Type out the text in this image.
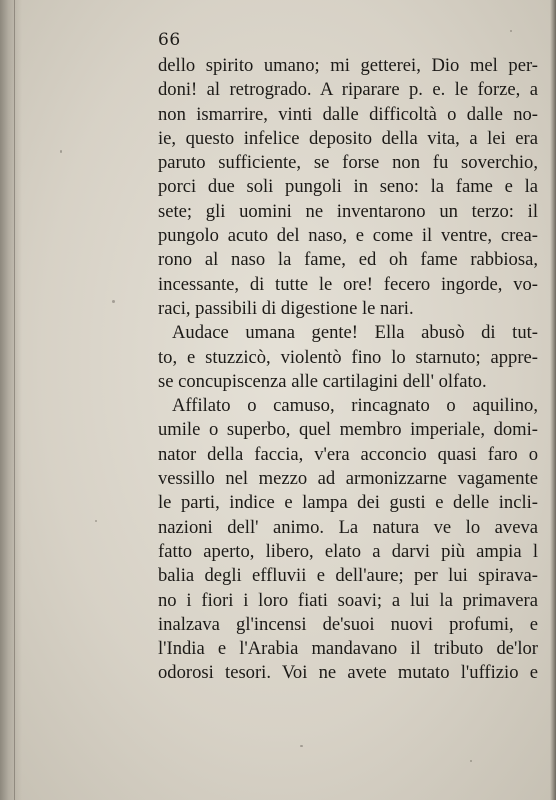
66
dello spirito umano; mi getterei, Dio mel per-
doni! al retrogrado. A riparare p. e. le forze, a
non ismarrire, vinti dalle difficoltà o dalle no-
ie, questo infelice deposito della vita, a lei era
paruto sufficiente, se forse non fu soverchio,
porci due soli pungoli in seno: la fame e la
sete; gli uomini ne inventarono un terzo: il
pungolo acuto del naso, e come il ventre, crea-
rono al naso la fame, ed oh fame rabbiosa,
incessante, di tutte le ore! fecero ingorde, vo-
raci, passibili di digestione le nari.
Audace umana gente! Ella abusò di tut-
to, e stuzzicò, violentò fino lo starnuto; appre-
se concupiscenza alle cartilagini dell' olfato.
Affilato o camuso, rincagnato o aquilino,
umile o superbo, quel membro imperiale, domi-
nator della faccia, v'era acconcio quasi faro o
vessillo nel mezzo ad armonizzarne vagamente
le parti, indice e lampa dei gusti e delle incli-
nazioni dell' animo. La natura ve lo aveva
fatto aperto, libero, elato a darvi più ampia l
balia degli effluvii e dell'aure; per lui spirava-
no i fiori i loro fiati soavi; a lui la primavera
inalzava gl'incensi de'suoi nuovi profumi, e
l'India e l'Arabia mandavano il tributo de'lor
odorosi tesori. Voi ne avete mutato l'uffizio e
